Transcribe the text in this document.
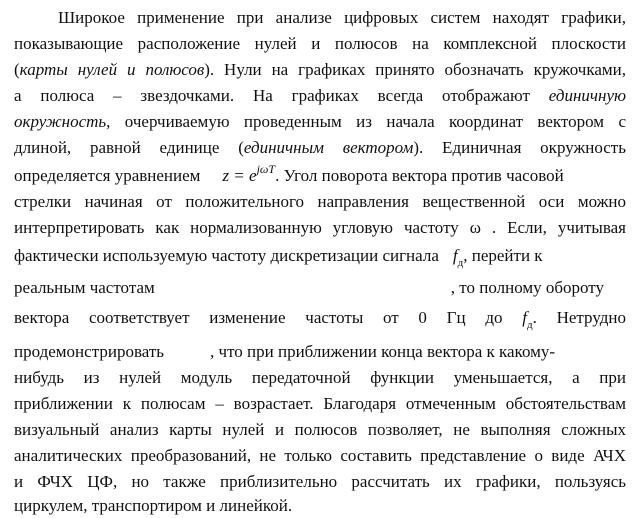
Широкое применение при анализе цифровых систем находят графики,
показывающие расположение нулей и полюсов на комплексной плоскости
(карты нулей и полюсов). Нули на графиках принято обозначать кружочками,
а полюса – звездочками. На графиках всегда отображают единичную
окружность, очерчиваемую проведенным из начала координат вектором с
длиной, равной единице (единичным вектором). Единичная окружность
определяется уравнением $z = e^{j\omega T}$. Угол поворота вектора против часовой
стрелки начиная от положительного направления вещественной оси можно
интерпретировать как нормализованную угловую частоту ω . Если, учитывая
фактически используемую частоту дискретизации сигнала $f_д$, перейти к
реальным частотам	, то полному обороту
вектора соответствует изменение частоты от 0 Гц до $f_д$. Нетрудно
продемонстрировать	, что при приближении конца вектора к какому-
нибудь из нулей модуль передаточной функции уменьшается, а при
приближении к полюсам – возрастает. Благодаря отмеченным обстоятельствам
визуальный анализ карты нулей и полюсов позволяет, не выполняя сложных
аналитических преобразований, не только составить представление о виде АЧХ
и ФЧХ ЦФ, но также приблизительно рассчитать их графики, пользуясь
циркулем, транспортиром и линейкой.
